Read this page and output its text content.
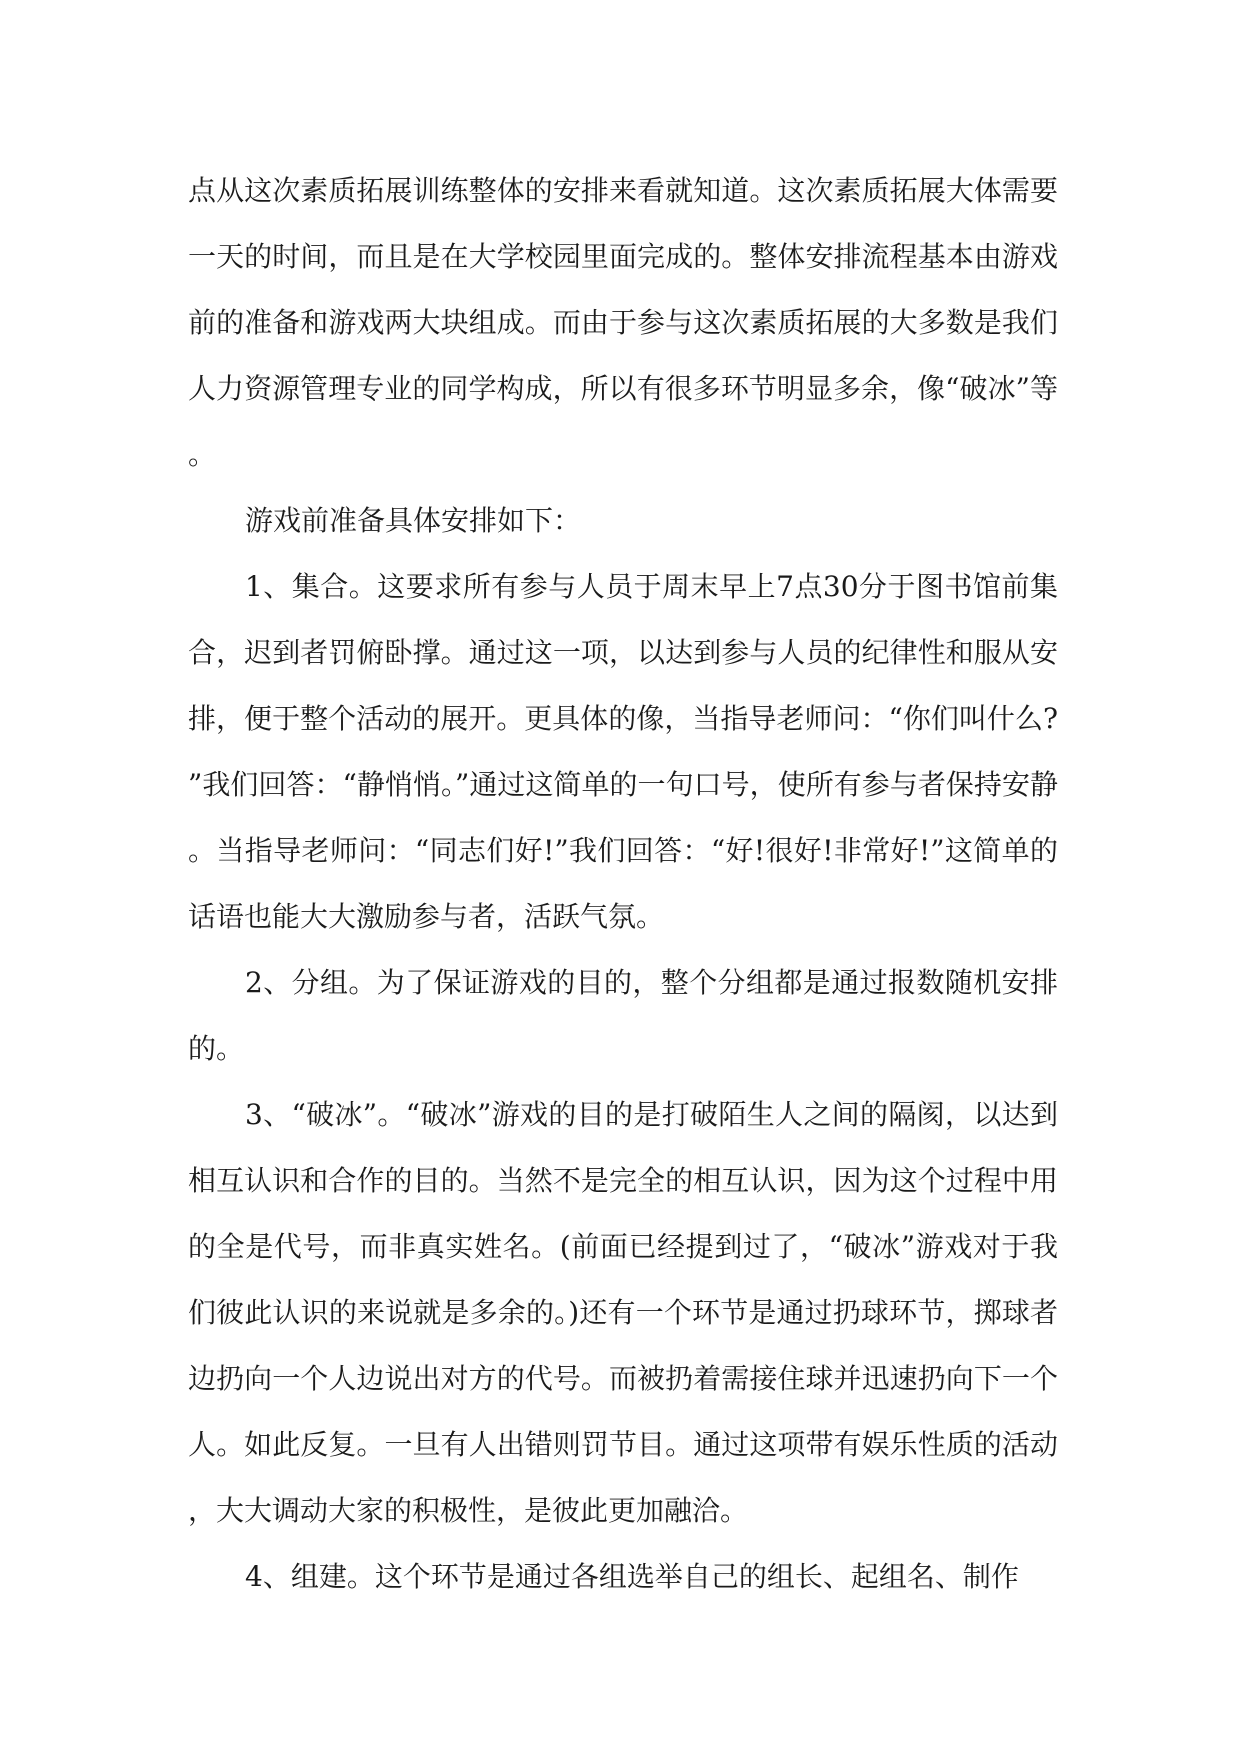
点从这次素质拓展训练整体的安排来看就知道。这次素质拓展大体需要一天的时间，而且是在大学校园里面完成的。整体安排流程基本由游戏前的准备和游戏两大块组成。而由于参与这次素质拓展的大多数是我们人力资源管理专业的同学构成，所以有很多环节明显多余，像“破冰”等。

游戏前准备具体安排如下：

1、集合。这要求所有参与人员于周末早上7点30分于图书馆前集合，迟到者罚俯卧撑。通过这一项，以达到参与人员的纪律性和服从安排，便于整个活动的展开。更具体的像，当指导老师问：“你们叫什么?”我们回答：“静悄悄。”通过这简单的一句口号，使所有参与者保持安静。当指导老师问：“同志们好!”我们回答：“好!很好!非常好!”这简单的话语也能大大激励参与者，活跃气氛。

2、分组。为了保证游戏的目的，整个分组都是通过报数随机安排的。

3、“破冰”。“破冰”游戏的目的是打破陌生人之间的隔阂，以达到相互认识和合作的目的。当然不是完全的相互认识，因为这个过程中用的全是代号，而非真实姓名。(前面已经提到过了，“破冰”游戏对于我们彼此认识的来说就是多余的。)还有一个环节是通过扔球环节，掷球者边扔向一个人边说出对方的代号。而被扔着需接住球并迅速扔向下一个人。如此反复。一旦有人出错则罚节目。通过这项带有娱乐性质的活动，大大调动大家的积极性，是彼此更加融洽。

4、组建。这个环节是通过各组选举自己的组长、起组名、制作
